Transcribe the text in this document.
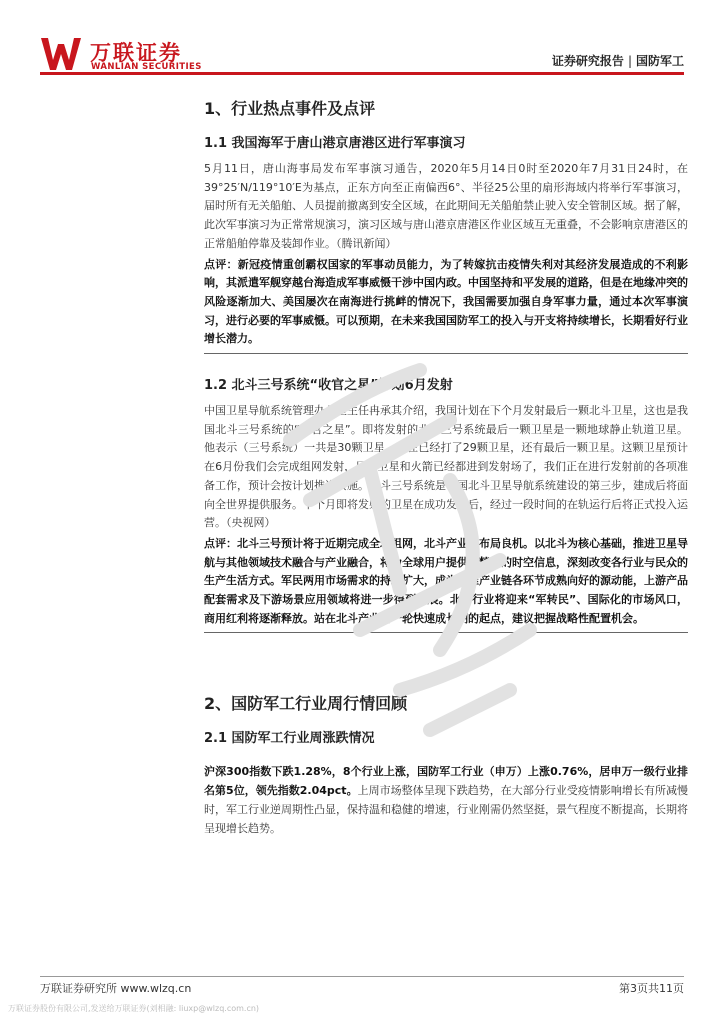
万联证券
WANLIAN SECURITIES	证券研究报告 | 国防军工
1、行业热点事件及点评
1.1 我国海军于唐山港京唐港区进行军事演习
5月11日，唐山海事局发布军事演习通告，2020年5月14日0时至2020年7月31日24时，在39°25′N/119°10′E为基点，正东方向至正南偏西6°、半径25公里的扇形海域内将举行军事演习，届时所有无关船舶、人员提前撤离到安全区域，在此期间无关船舶禁止驶入安全管制区域。据了解，此次军事演习为正常常规演习，演习区域与唐山港京唐港区作业区域互无重叠，不会影响京唐港区的正常船舶停靠及装卸作业。（腾讯新闻）
点评：新冠疫情重创霸权国家的军事动员能力，为了转嫁抗击疫情失利对其经济发展造成的不利影响，其派遣军舰穿越台海造成军事威慑干涉中国内政。中国坚持和平发展的道路，但是在地缘冲突的风险逐渐加大、美国屡次在南海进行挑衅的情况下，我国需要加强自身军事力量，通过本次军事演习，进行必要的军事威慑。可以预期，在未来我国国防军工的投入与开支将持续增长，长期看好行业增长潜力。
1.2 北斗三号系统“收官之星”计划6月发射
中国卫星导航系统管理办公室主任冉承其介绍，我国计划在下个月发射最后一颗北斗卫星，这也是我国北斗三号系统的“收官之星”。即将发射的北斗三号系统最后一颗卫星是一颗地球静止轨道卫星。他表示（三号系统）一共是30颗卫星，现在已经打了29颗卫星，还有最后一颗卫星。这颗卫星预计在6月份我们会完成组网发射，目前卫星和火箭已经都进到发射场了，我们正在进行发射前的各项准备工作，预计会按计划推进实施。北斗三号系统是我国北斗卫星导航系统建设的第三步，建成后将面向全世界提供服务。下个月即将发射的卫星在成功发射后，经过一段时间的在轨运行后将正式投入运营。（央视网）
点评：北斗三号预计将于近期完成全球组网，北斗产业迎布局良机。以北斗为核心基础，推进卫星导航与其他领域技术融合与产业融合，将为全球用户提供更精准的时空信息，深刻改变各行业与民众的生产生活方式。军民两用市场需求的持续扩大，成为助推产业链各环节成熟向好的源动能，上游产品配套需求及下游场景应用领域将进一步得到拓展。北斗行业将迎来“军转民”、国际化的市场风口，商用红利将逐渐释放。站在北斗产业新一轮快速成长期的起点，建议把握战略性配置机会。
2、国防军工行业周行情回顾
2.1 国防军工行业周涨跌情况
沪深300指数下跌1.28%，8个行业上涨，国防军工行业（申万）上涨0.76%，居申万一级行业排名第5位，领先指数2.04pct。上周市场整体呈现下跌趋势，在大部分行业受疫情影响增长有所减慢时，军工行业逆周期性凸显，保持温和稳健的增速，行业刚需仍然坚挺，景气程度不断提高，长期将呈现增长趋势。
万联证券研究所 www.wlzq.cn	第3页共11页
万联证券股份有限公司,发送给万联证券(刘相融: liuxp@wlzq.com.cn)
